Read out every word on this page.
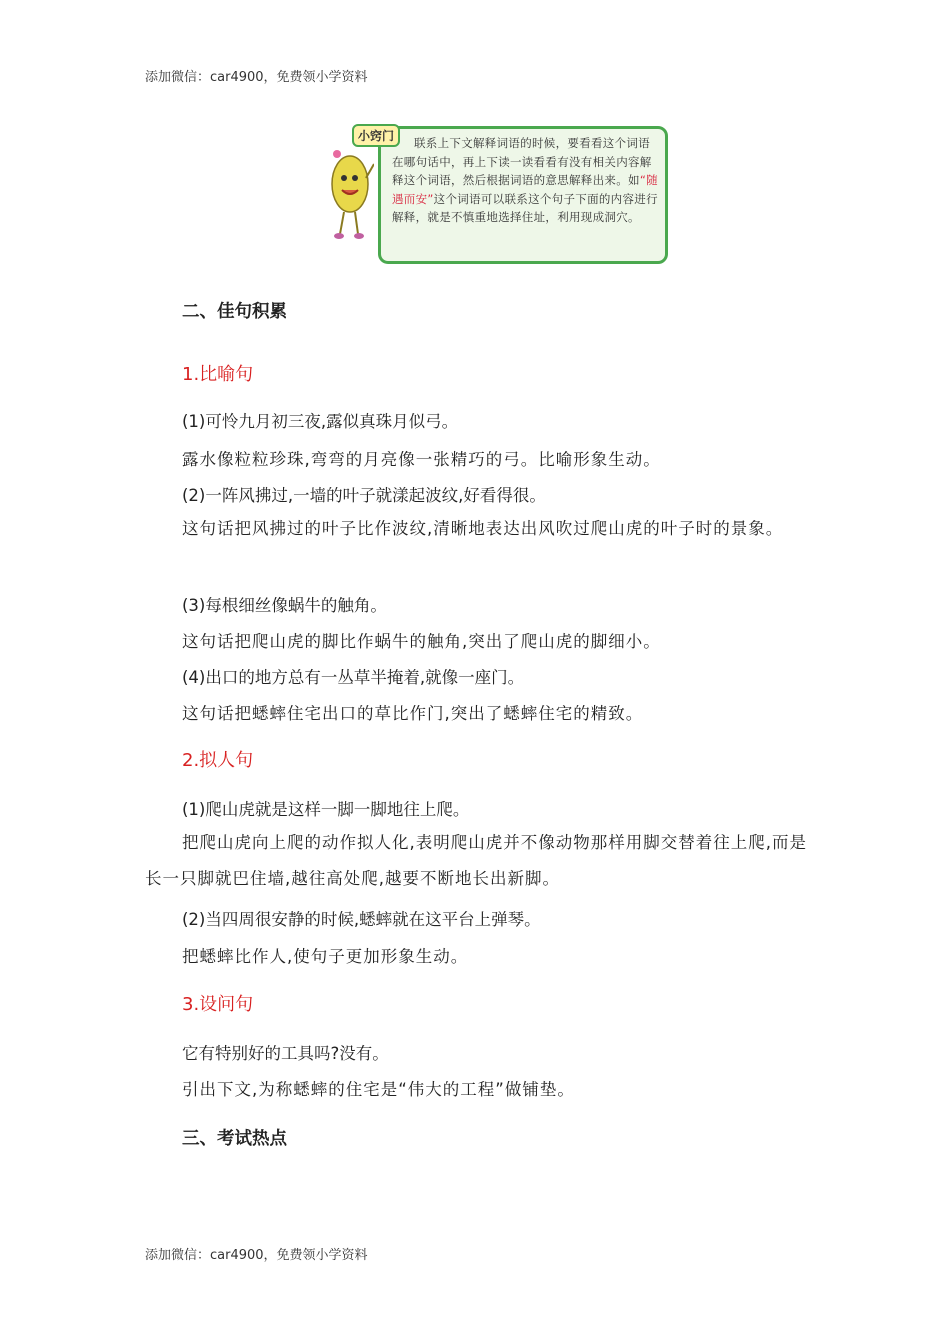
添加微信：car4900，免费领小学资料
小窍门	联系上下文解释词语的时候，要看看这个词语在哪句话中，再上下读一读看看有没有相关内容解释这个词语，然后根据词语的意思解释出来。如“随遇而安”这个词语可以联系这个句子下面的内容进行解释，就是不慎重地选择住址，利用现成洞穴。
二、佳句积累
1.比喻句
(1)可怜九月初三夜,露似真珠月似弓。
露水像粒粒珍珠,弯弯的月亮像一张精巧的弓。比喻形象生动。
(2)一阵风拂过,一墙的叶子就漾起波纹,好看得很。
这句话把风拂过的叶子比作波纹,清晰地表达出风吹过爬山虎的叶子时的景象。
(3)每根细丝像蜗牛的触角。
这句话把爬山虎的脚比作蜗牛的触角,突出了爬山虎的脚细小。
(4)出口的地方总有一丛草半掩着,就像一座门。
这句话把蟋蟀住宅出口的草比作门,突出了蟋蟀住宅的精致。
2.拟人句
(1)爬山虎就是这样一脚一脚地往上爬。
把爬山虎向上爬的动作拟人化,表明爬山虎并不像动物那样用脚交替着往上爬,而是长一只脚就巴住墙,越往高处爬,越要不断地长出新脚。
(2)当四周很安静的时候,蟋蟀就在这平台上弹琴。
把蟋蟀比作人,使句子更加形象生动。
3.设问句
它有特别好的工具吗?没有。
引出下文,为称蟋蟀的住宅是“伟大的工程”做铺垫。
三、考试热点
添加微信：car4900，免费领小学资料
